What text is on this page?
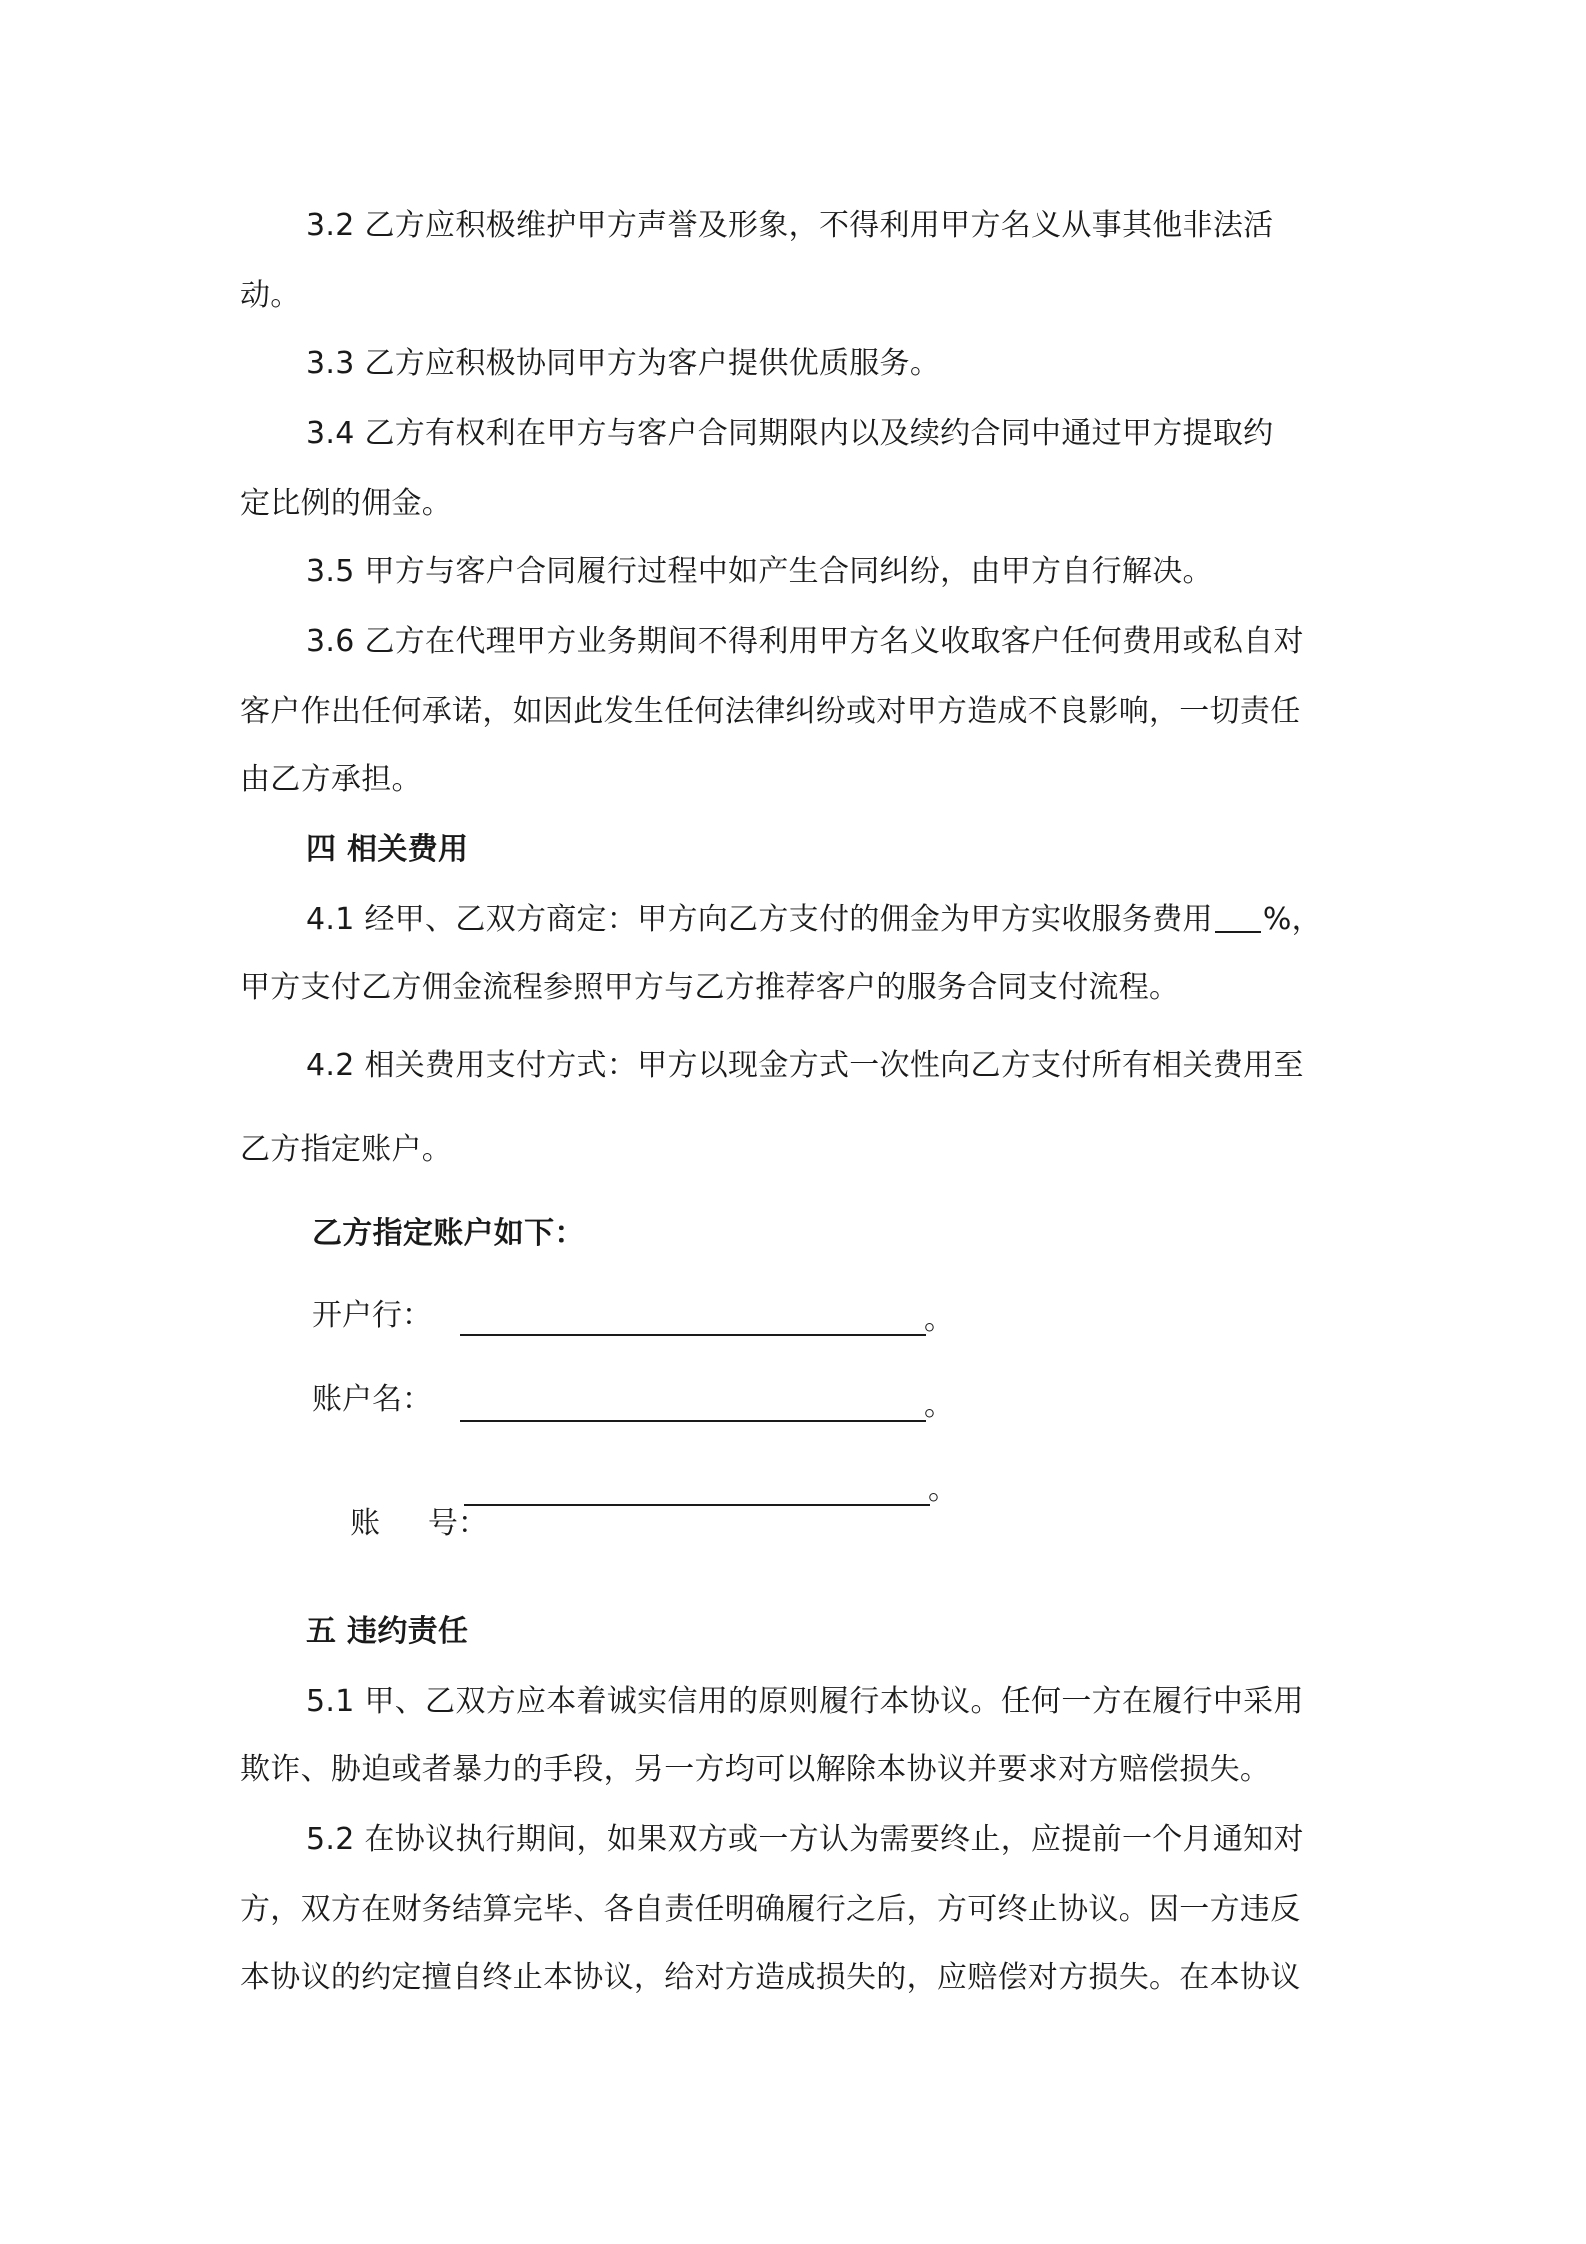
3.2 乙方应积极维护甲方声誉及形象，不得利用甲方名义从事其他非法活
动。
3.3 乙方应积极协同甲方为客户提供优质服务。
3.4 乙方有权利在甲方与客户合同期限内以及续约合同中通过甲方提取约
定比例的佣金。
3.5 甲方与客户合同履行过程中如产生合同纠纷，由甲方自行解决。
3.6 乙方在代理甲方业务期间不得利用甲方名义收取客户任何费用或私自对
客户作出任何承诺，如因此发生任何法律纠纷或对甲方造成不良影响，一切责任
由乙方承担。
四 相关费用
4.1 经甲、乙双方商定：甲方向乙方支付的佣金为甲方实收服务费用 %，
甲方支付乙方佣金流程参照甲方与乙方推荐客户的服务合同支付流程。
4.2 相关费用支付方式：甲方以现金方式一次性向乙方支付所有相关费用至
乙方指定账户。
乙方指定账户如下：
开户行：	。
账户名：	。

账     号：

。
五 违约责任
5.1 甲、乙双方应本着诚实信用的原则履行本协议。任何一方在履行中采用
欺诈、胁迫或者暴力的手段，另一方均可以解除本协议并要求对方赔偿损失。
5.2 在协议执行期间，如果双方或一方认为需要终止，应提前一个月通知对
方，双方在财务结算完毕、各自责任明确履行之后，方可终止协议。因一方违反
本协议的约定擅自终止本协议，给对方造成损失的，应赔偿对方损失。在本协议
